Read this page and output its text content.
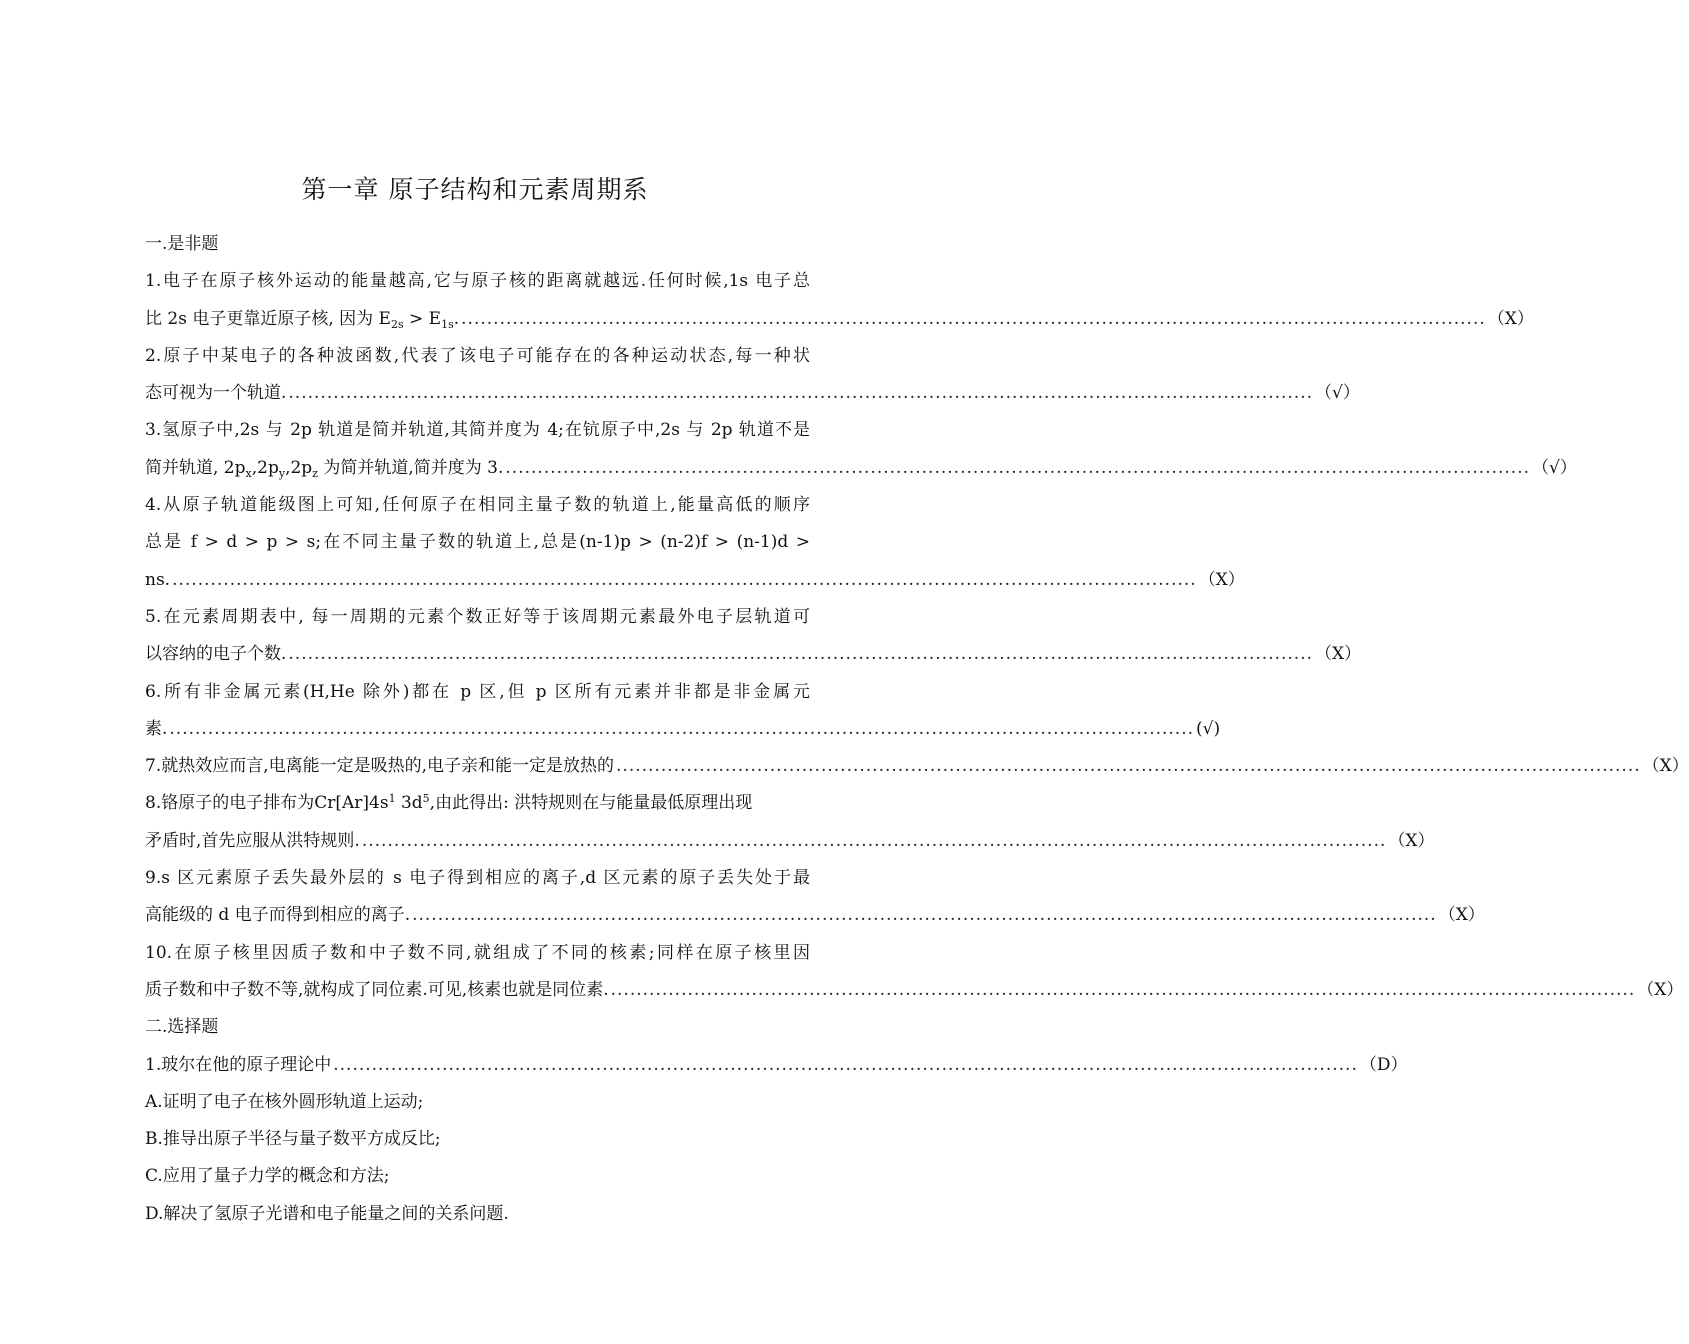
第一章 原子结构和元素周期系
一.是非题
1.电子在原子核外运动的能量越高,它与原子核的距离就越远.任何时候,1s 电子总
比 2s 电子更靠近原子核, 因为 $E_{2s} > E_{1s}$. ................................................................................................................................................................ （X）
2.原子中某电子的各种波函数,代表了该电子可能存在的各种运动状态,每一种状
态可视为一个轨道. ................................................................................................................................................................ （√）
3.氢原子中,2s 与 2p 轨道是简并轨道,其简并度为 4;在钪原子中,2s 与 2p 轨道不是
简并轨道, $2p_x,2p_y,2p_z$ 为简并轨道,简并度为 3. ................................................................................................................................................................ （√）
4.从原子轨道能级图上可知,任何原子在相同主量子数的轨道上,能量高低的顺序
总是 f > d > p > s;在不同主量子数的轨道上,总是(n-1)p > (n-2)f > (n-1)d >
ns. ................................................................................................................................................................ （X）
5.在元素周期表中, 每一周期的元素个数正好等于该周期元素最外电子层轨道可
以容纳的电子个数. ................................................................................................................................................................ （X）
6.所有非金属元素(H,He 除外)都在 p 区,但 p 区所有元素并非都是非金属元
素. ................................................................................................................................................................ (√)
7.就热效应而言,电离能一定是吸热的,电子亲和能一定是放热的 ................................................................................................................................................................ （X）
8.铬原子的电子排布为$Cr[Ar]4s^1$ $3d^5$,由此得出: 洪特规则在与能量最低原理出现
矛盾时,首先应服从洪特规则. ................................................................................................................................................................ （X）
9.s 区元素原子丢失最外层的 s 电子得到相应的离子,d 区元素的原子丢失处于最
高能级的 d 电子而得到相应的离子. ................................................................................................................................................................ （X）
10.在原子核里因质子数和中子数不同,就组成了不同的核素;同样在原子核里因
质子数和中子数不等,就构成了同位素.可见,核素也就是同位素. ................................................................................................................................................................ （X）
二.选择题
1.玻尔在他的原子理论中 ................................................................................................................................................................ （D）
A.证明了电子在核外圆形轨道上运动;
B.推导出原子半径与量子数平方成反比;
C.应用了量子力学的概念和方法;
D.解决了氢原子光谱和电子能量之间的关系问题.
